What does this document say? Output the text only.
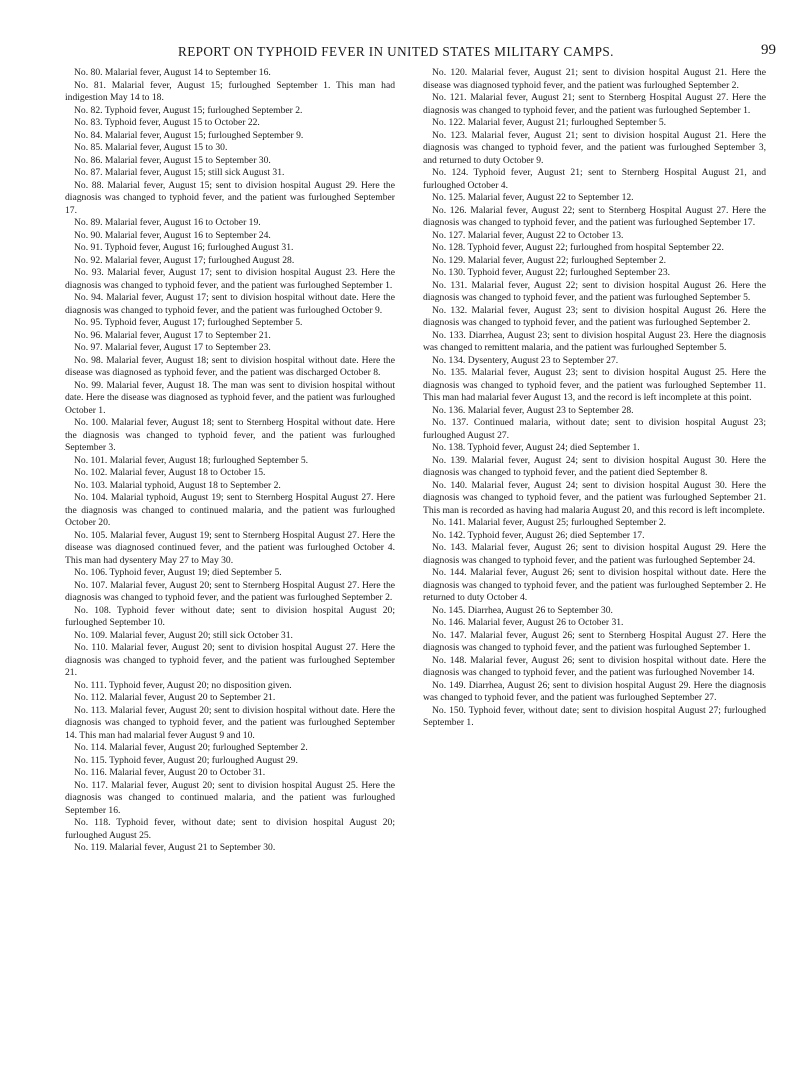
REPORT ON TYPHOID FEVER IN UNITED STATES MILITARY CAMPS.	99

No. 80. Malarial fever, August 14 to September 16.

No. 81. Malarial fever, August 15; furloughed September 1. This man had indigestion May 14 to 18.

No. 82. Typhoid fever, August 15; furloughed September 2.

No. 83. Typhoid fever, August 15 to October 22.

No. 84. Malarial fever, August 15; furloughed September 9.

No. 85. Malarial fever, August 15 to 30.

No. 86. Malarial fever, August 15 to September 30.

No. 87. Malarial fever, August 15; still sick August 31.

No. 88. Malarial fever, August 15; sent to division hospital August 29. Here the diagnosis was changed to typhoid fever, and the patient was furloughed September 17.

No. 89. Malarial fever, August 16 to October 19.

No. 90. Malarial fever, August 16 to September 24.

No. 91. Typhoid fever, August 16; furloughed August 31.

No. 92. Malarial fever, August 17; furloughed August 28.

No. 93. Malarial fever, August 17; sent to division hospital August 23. Here the diagnosis was changed to typhoid fever, and the patient was furloughed September 1.

No. 94. Malarial fever, August 17; sent to division hospital without date. Here the diagnosis was changed to typhoid fever, and the patient was furloughed October 9.

No. 95. Typhoid fever, August 17; furloughed September 5.

No. 96. Malarial fever, August 17 to September 21.

No. 97. Malarial fever, August 17 to September 23.

No. 98. Malarial fever, August 18; sent to division hospital without date. Here the disease was diagnosed as typhoid fever, and the patient was discharged October 8.

No. 99. Malarial fever, August 18. The man was sent to division hospital without date. Here the disease was diagnosed as typhoid fever, and the patient was furloughed October 1.

No. 100. Malarial fever, August 18; sent to Sternberg Hospital without date. Here the diagnosis was changed to typhoid fever, and the patient was furloughed September 3.

No. 101. Malarial fever, August 18; furloughed September 5.

No. 102. Malarial fever, August 18 to October 15.

No. 103. Malarial typhoid, August 18 to September 2.

No. 104. Malarial typhoid, August 19; sent to Sternberg Hospital August 27. Here the diagnosis was changed to continued malaria, and the patient was furloughed October 20.

No. 105. Malarial fever, August 19; sent to Sternberg Hospital August 27. Here the disease was diagnosed continued fever, and the patient was furloughed October 4. This man had dysentery May 27 to May 30.

No. 106. Typhoid fever, August 19; died September 5.

No. 107. Malarial fever, August 20; sent to Sternberg Hospital August 27. Here the diagnosis was changed to typhoid fever, and the patient was furloughed September 2.

No. 108. Typhoid fever without date; sent to division hospital August 20; furloughed September 10.

No. 109. Malarial fever, August 20; still sick October 31.

No. 110. Malarial fever, August 20; sent to division hospital August 27. Here the diagnosis was changed to typhoid fever, and the patient was furloughed September 21.

No. 111. Typhoid fever, August 20; no disposition given.

No. 112. Malarial fever, August 20 to September 21.

No. 113. Malarial fever, August 20; sent to division hospital without date. Here the diagnosis was changed to typhoid fever, and the patient was furloughed September 14. This man had malarial fever August 9 and 10.

No. 114. Malarial fever, August 20; furloughed September 2.

No. 115. Typhoid fever, August 20; furloughed August 29.

No. 116. Malarial fever, August 20 to October 31.

No. 117. Malarial fever, August 20; sent to division hospital August 25. Here the diagnosis was changed to continued malaria, and the patient was furloughed September 16.

No. 118. Typhoid fever, without date; sent to division hospital August 20; furloughed August 25.

No. 119. Malarial fever, August 21 to September 30.

No. 120. Malarial fever, August 21; sent to division hospital August 21. Here the disease was diagnosed typhoid fever, and the patient was furloughed September 2.

No. 121. Malarial fever, August 21; sent to Sternberg Hospital August 27. Here the diagnosis was changed to typhoid fever, and the patient was furloughed September 1.

No. 122. Malarial fever, August 21; furloughed September 5.

No. 123. Malarial fever, August 21; sent to division hospital August 21. Here the diagnosis was changed to typhoid fever, and the patient was furloughed September 3, and returned to duty October 9.

No. 124. Typhoid fever, August 21; sent to Sternberg Hospital August 21, and furloughed October 4.

No. 125. Malarial fever, August 22 to September 12.

No. 126. Malarial fever, August 22; sent to Sternberg Hospital August 27. Here the diagnosis was changed to typhoid fever, and the patient was furloughed September 17.

No. 127. Malarial fever, August 22 to October 13.

No. 128. Typhoid fever, August 22; furloughed from hospital September 22.

No. 129. Malarial fever, August 22; furloughed September 2.

No. 130. Typhoid fever, August 22; furloughed September 23.

No. 131. Malarial fever, August 22; sent to division hospital August 26. Here the diagnosis was changed to typhoid fever, and the patient was furloughed September 5.

No. 132. Malarial fever, August 23; sent to division hospital August 26. Here the diagnosis was changed to typhoid fever, and the patient was furloughed September 2.

No. 133. Diarrhea, August 23; sent to division hospital August 23. Here the diagnosis was changed to remittent malaria, and the patient was furloughed September 5.

No. 134. Dysentery, August 23 to September 27.

No. 135. Malarial fever, August 23; sent to division hospital August 25. Here the diagnosis was changed to typhoid fever, and the patient was furloughed September 11. This man had malarial fever August 13, and the record is left incomplete at this point.

No. 136. Malarial fever, August 23 to September 28.

No. 137. Continued malaria, without date; sent to division hospital August 23; furloughed August 27.

No. 138. Typhoid fever, August 24; died September 1.

No. 139. Malarial fever, August 24; sent to division hospital August 30. Here the diagnosis was changed to typhoid fever, and the patient died September 8.

No. 140. Malarial fever, August 24; sent to division hospital August 30. Here the diagnosis was changed to typhoid fever, and the patient was furloughed September 21. This man is recorded as having had malaria August 20, and this record is left incomplete.

No. 141. Malarial fever, August 25; furloughed September 2.

No. 142. Typhoid fever, August 26; died September 17.

No. 143. Malarial fever, August 26; sent to division hospital August 29. Here the diagnosis was changed to typhoid fever, and the patient was furloughed September 24.

No. 144. Malarial fever, August 26; sent to division hospital without date. Here the diagnosis was changed to typhoid fever, and the patient was furloughed September 2. He returned to duty October 4.

No. 145. Diarrhea, August 26 to September 30.

No. 146. Malarial fever, August 26 to October 31.

No. 147. Malarial fever, August 26; sent to Sternberg Hospital August 27. Here the diagnosis was changed to typhoid fever, and the patient was furloughed September 1.

No. 148. Malarial fever, August 26; sent to division hospital without date. Here the diagnosis was changed to typhoid fever, and the patient was furloughed November 14.

No. 149. Diarrhea, August 26; sent to division hospital August 29. Here the diagnosis was changed to typhoid fever, and the patient was furloughed September 27.

No. 150. Typhoid fever, without date; sent to division hospital August 27; furloughed September 1.
